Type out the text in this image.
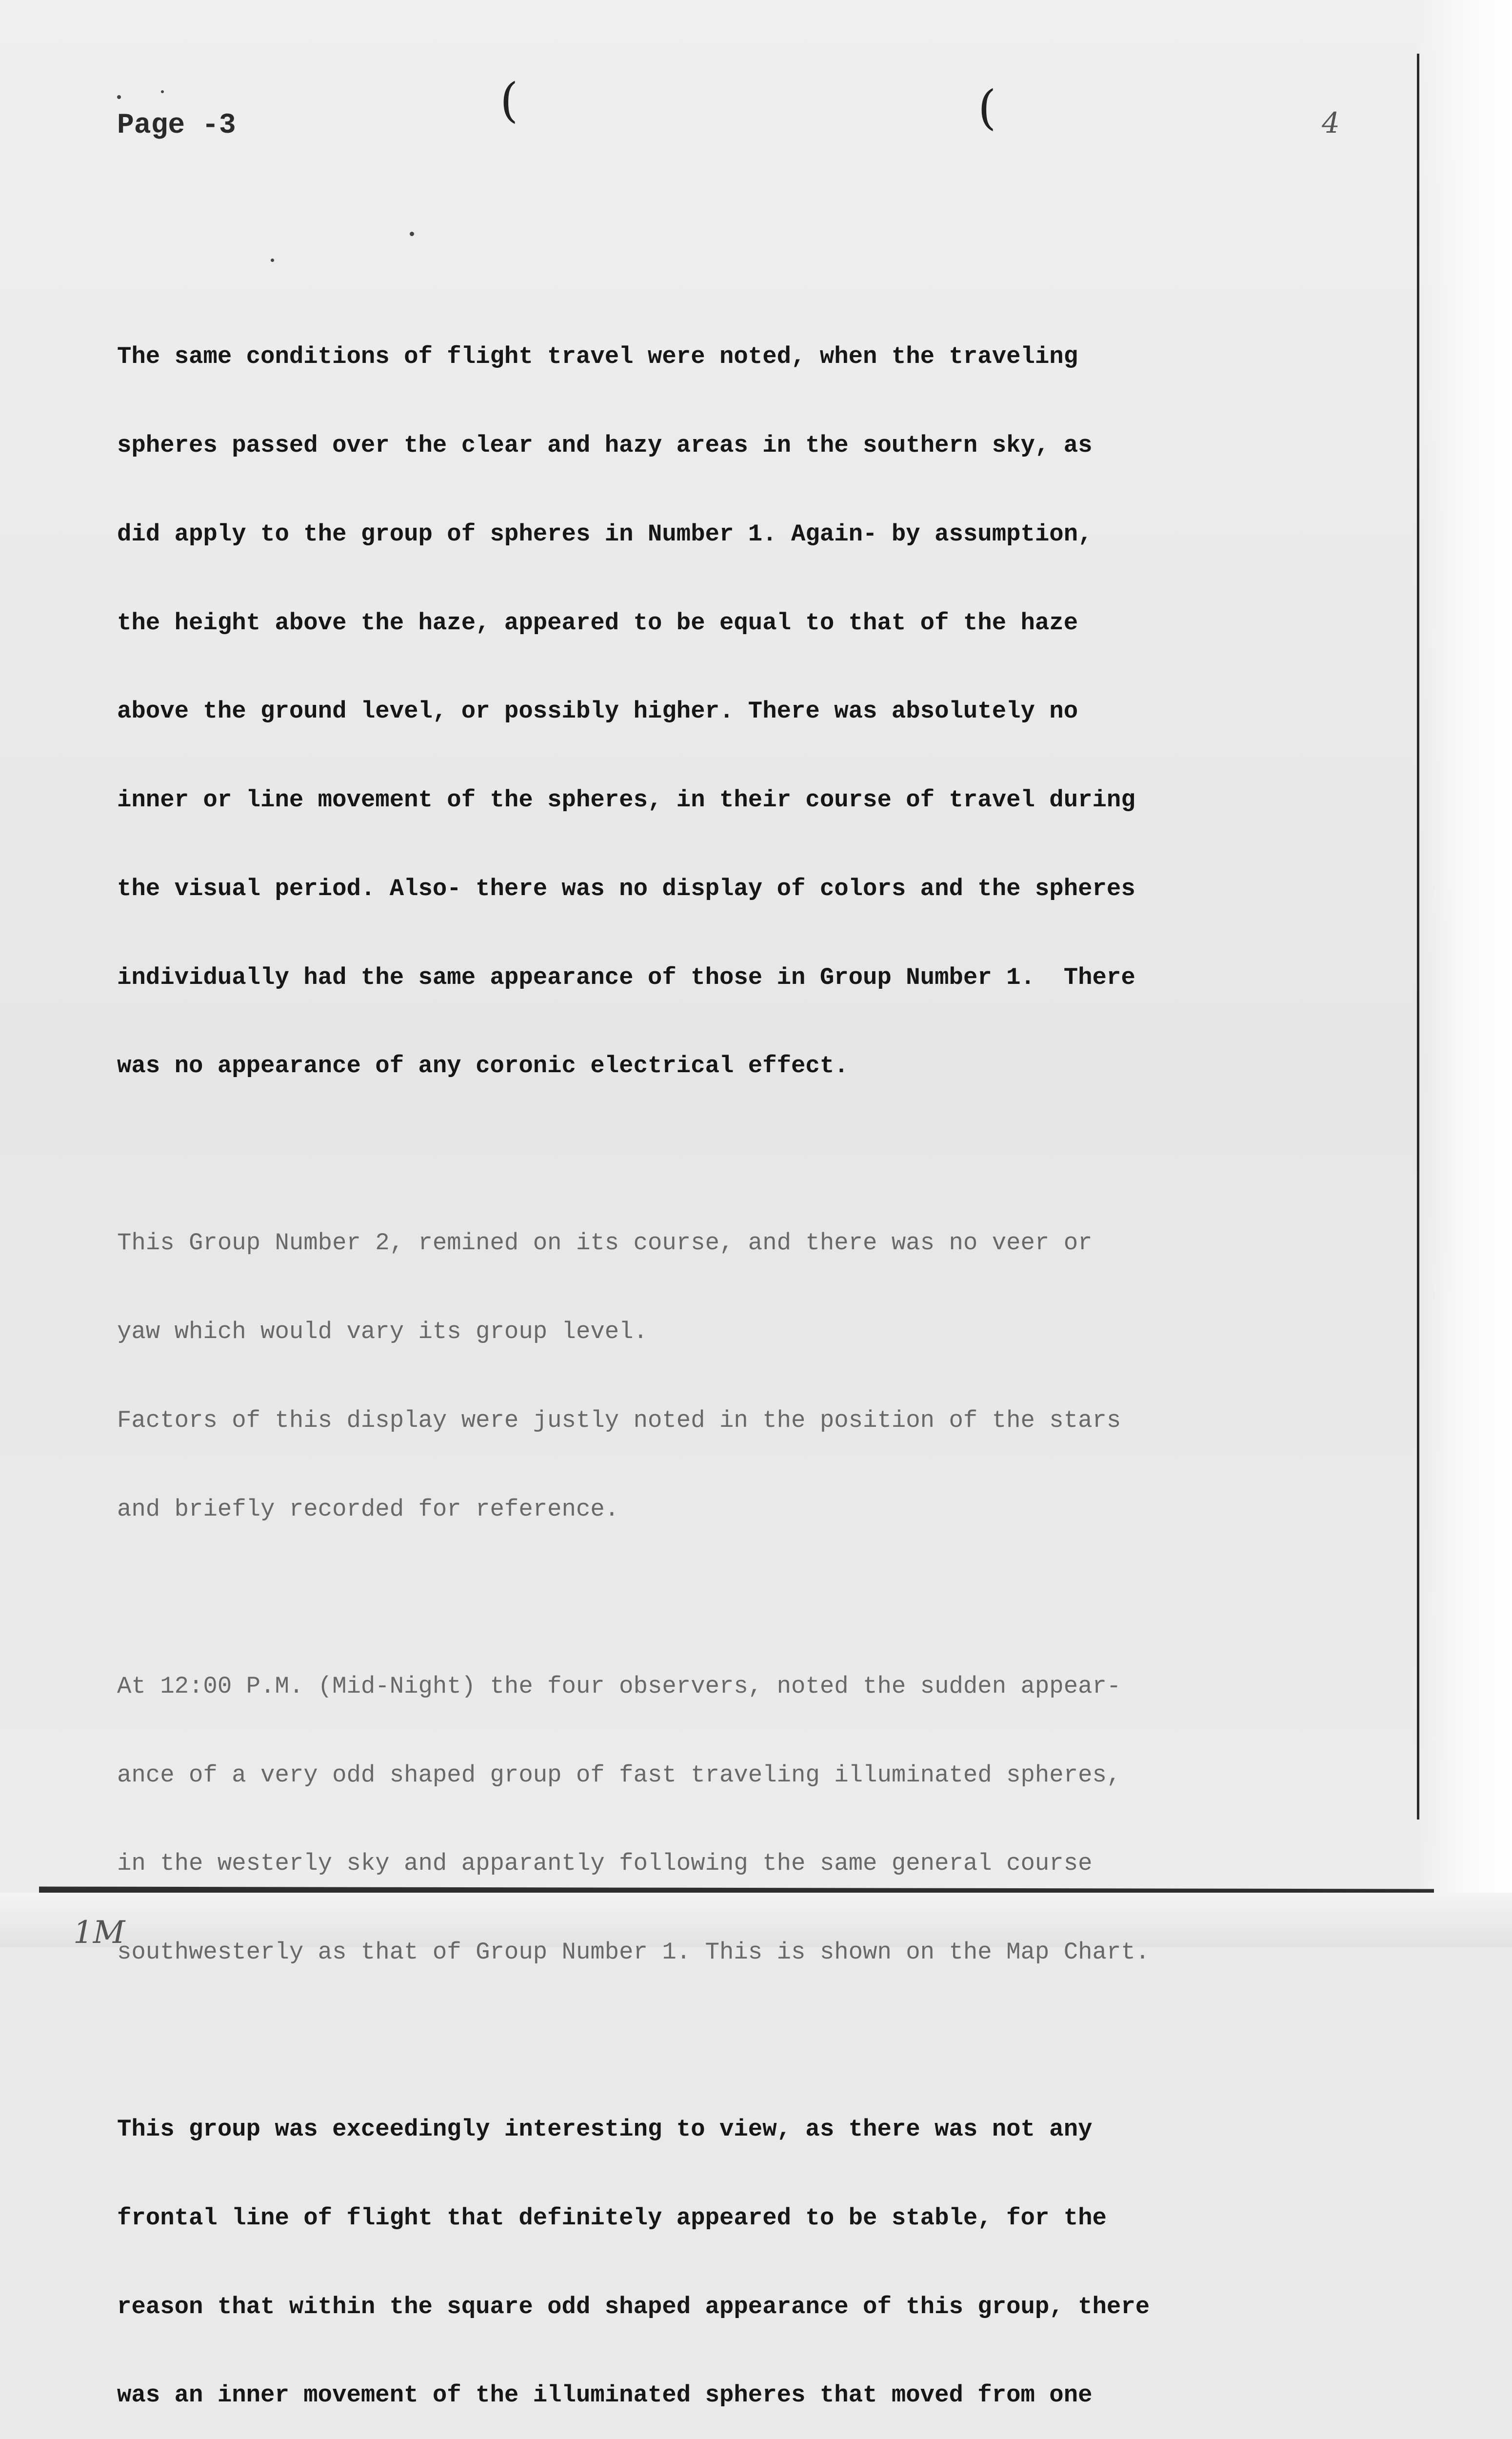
(	(
Page -3	4

The same conditions of flight travel were noted, when the traveling

spheres passed over the clear and hazy areas in the southern sky, as

did apply to the group of spheres in Number 1. Again- by assumption,

the height above the haze, appeared to be equal to that of the haze

above the ground level, or possibly higher. There was absolutely no

inner or line movement of the spheres, in their course of travel during

the visual period. Also- there was no display of colors and the spheres

individually had the same appearance of those in Group Number 1.  There

was no appearance of any coronic electrical effect.

This Group Number 2, remined on its course, and there was no veer or

yaw which would vary its group level.

Factors of this display were justly noted in the position of the stars

and briefly recorded for reference.

At 12:00 P.M. (Mid-Night) the four observers, noted the sudden appear-

ance of a very odd shaped group of fast traveling illuminated spheres,

in the westerly sky and apparantly following the same general course

southwesterly as that of Group Number 1. This is shown on the Map Chart.

This group was exceedingly interesting to view, as there was not any

frontal line of flight that definitely appeared to be stable, for the

reason that within the square odd shaped appearance of this group, there

was an inner movement of the illuminated spheres that moved from one

1M
